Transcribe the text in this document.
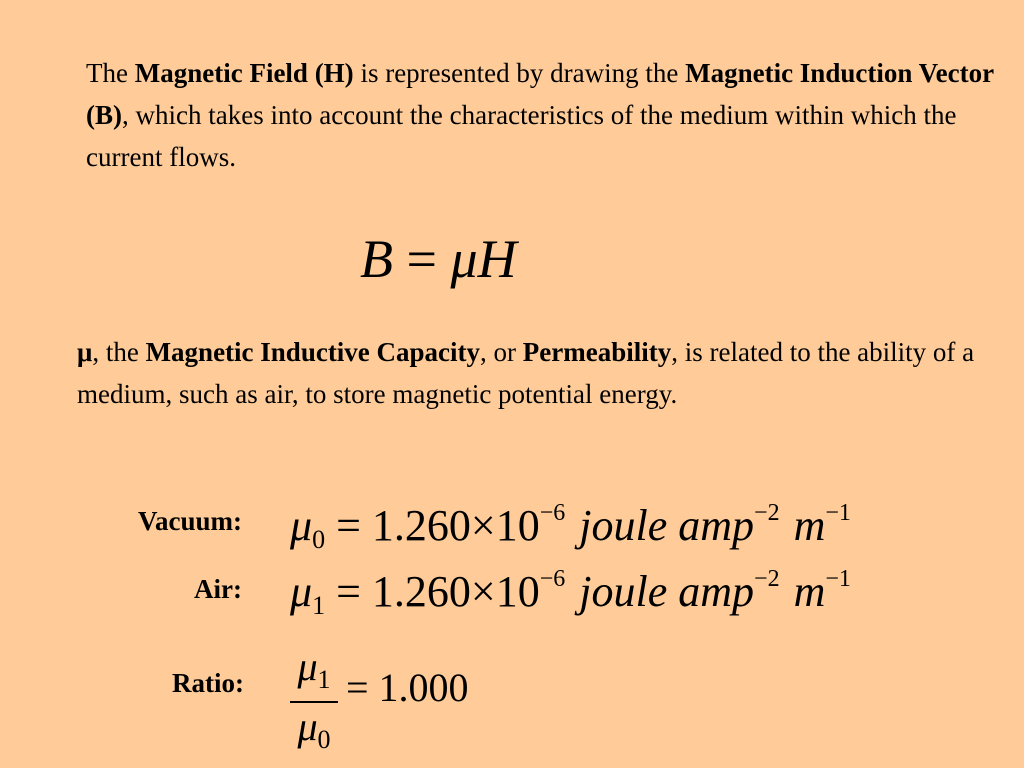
The Magnetic Field (H) is represented by drawing the Magnetic Induction Vector (B), which takes into account the characteristics of the medium within which the current flows.

B = μH

μ, the Magnetic Inductive Capacity, or Permeability, is related to the ability of a medium, such as air, to store magnetic potential energy.

Vacuum: $\mu_0 = 1.260\times 10^{-6}$ joule amp$^{-2}$ $m^{-1}$
Air: $\mu_1 = 1.260\times 10^{-6}$ joule amp$^{-2}$ $m^{-1}$
Ratio: $\frac{\mu_1}{\mu_0} = 1.000$
